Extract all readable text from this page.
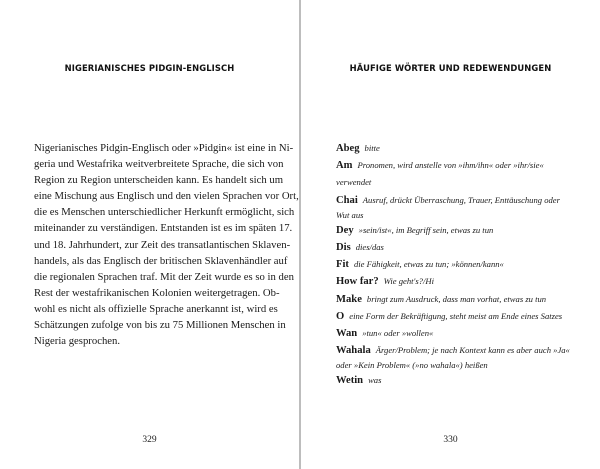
NIGERIANISCHES PIDGIN-ENGLISCH
Nigerianisches Pidgin-Englisch oder »Pidgin« ist eine in Ni-
geria und Westafrika weitverbreitete Sprache, die sich von
Region zu Region unterscheiden kann. Es handelt sich um
eine Mischung aus Englisch und den vielen Sprachen vor Ort,
die es Menschen unterschiedlicher Herkunft ermöglicht, sich
miteinander zu verständigen. Entstanden ist es im späten 17.
und 18. Jahrhundert, zur Zeit des transatlantischen Sklaven-
handels, als das Englisch der britischen Sklavenhändler auf
die regionalen Sprachen traf. Mit der Zeit wurde es so in den
Rest der westafrikanischen Kolonien weitergetragen. Ob-
wohl es nicht als offizielle Sprache anerkannt ist, wird es
Schätzungen zufolge von bis zu 75 Millionen Menschen in
Nigeria gesprochen.
329
HÄUFIGE WÖRTER UND REDEWENDUNGEN

Abeg bitte

Am Pronomen, wird anstelle von »ihm/ihn« oder »ihr/sie« verwendet

Chai Ausruf, drückt Überraschung, Trauer, Enttäuschung oder
Wut aus

Dey »sein/ist«, im Begriff sein, etwas zu tun

Dis dies/das

Fit die Fähigkeit, etwas zu tun; »können/kann«

How far? Wie geht's?/Hi

Make bringt zum Ausdruck, dass man vorhat, etwas zu tun

O eine Form der Bekräftigung, steht meist am Ende eines Satzes

Wan »tun« oder »wollen«

Wahala Ärger/Problem; je nach Kontext kann es aber auch »Ja«
oder »Kein Problem« (»no wahala«) heißen

Wetin was

330
